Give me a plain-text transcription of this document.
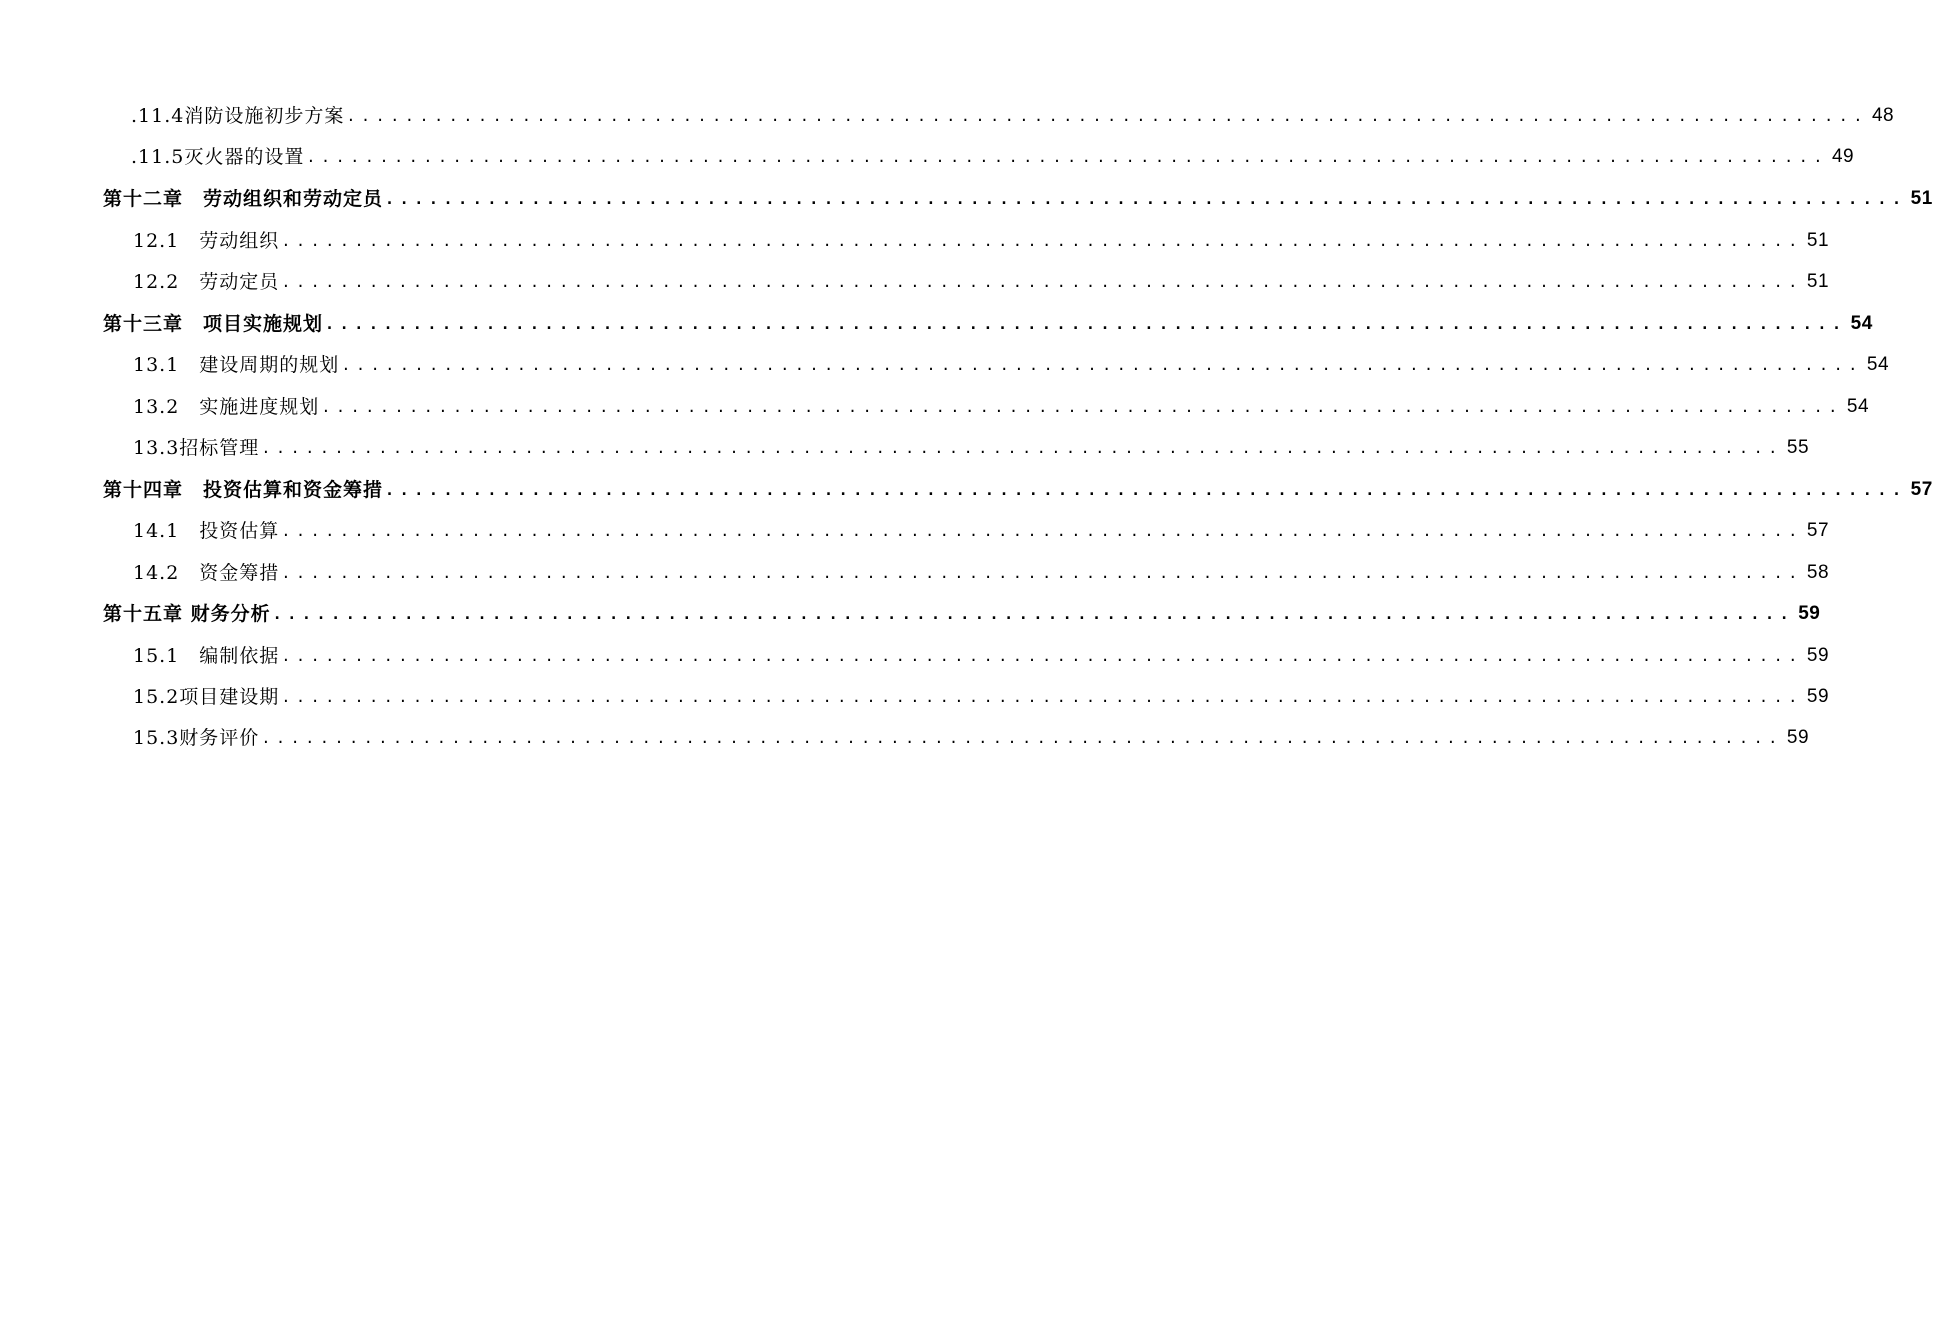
.11.4消防设施初步方案 ........................................................................................................ 48
.11.5灭火器的设置 ........................................................................................................ 49
第十二章　劳动组织和劳动定员 ........................................................................................................ 51
12.1　劳动组织 ........................................................................................................ 51
12.2　劳动定员 ........................................................................................................ 51
第十三章　项目实施规划 ........................................................................................................ 54
13.1　建设周期的规划 ........................................................................................................ 54
13.2　实施进度规划 ........................................................................................................ 54
13.3招标管理 ........................................................................................................ 55
第十四章　投资估算和资金筹措 ........................................................................................................ 57
14.1　投资估算 ........................................................................................................ 57
14.2　资金筹措 ........................................................................................................ 58
第十五章 财务分析 ........................................................................................................ 59
15.1　编制依据 ........................................................................................................ 59
15.2项目建设期 ........................................................................................................ 59
15.3财务评价 ........................................................................................................ 59
